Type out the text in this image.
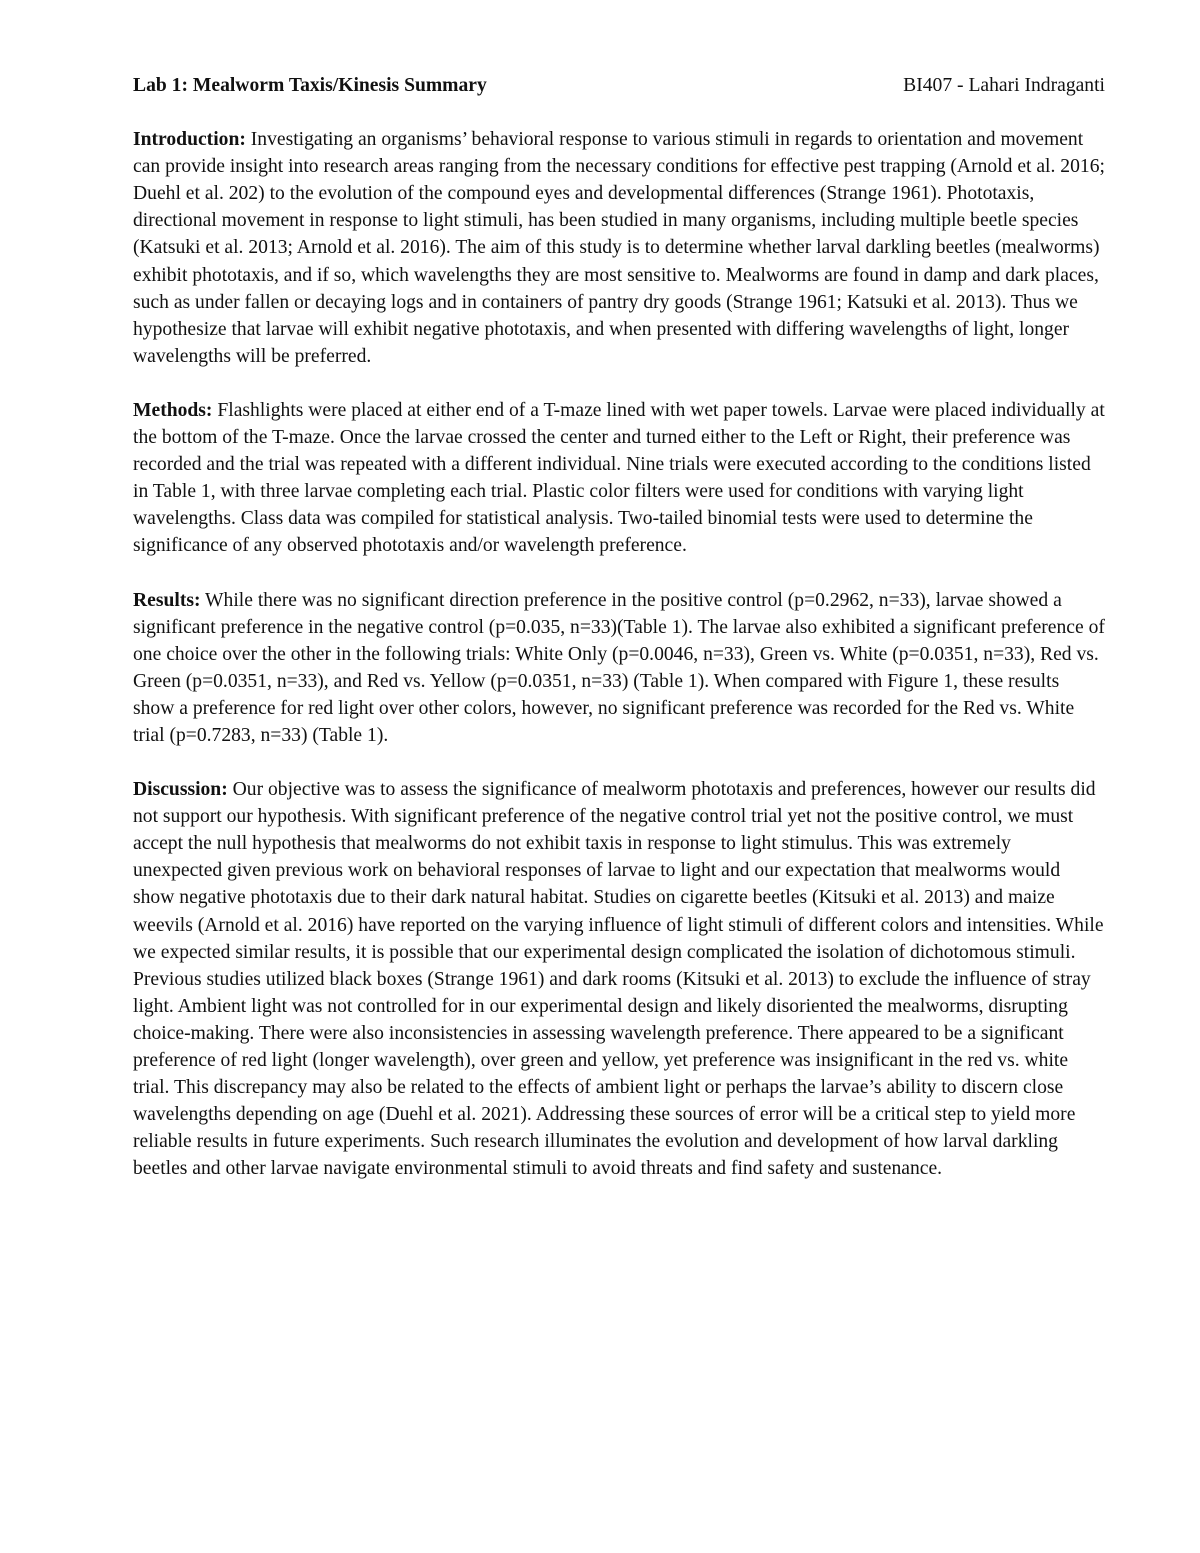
Lab 1: Mealworm Taxis/Kinesis Summary	BI407 - Lahari Indraganti

Introduction: Investigating an organisms’ behavioral response to various stimuli in regards to orientation and movement can provide insight into research areas ranging from the necessary conditions for effective pest trapping (Arnold et al. 2016; Duehl et al. 202) to the evolution of the compound eyes and developmental differences (Strange 1961). Phototaxis, directional movement in response to light stimuli, has been studied in many organisms, including multiple beetle species (Katsuki et al. 2013; Arnold et al. 2016). The aim of this study is to determine whether larval darkling beetles (mealworms) exhibit phototaxis, and if so, which wavelengths they are most sensitive to. Mealworms are found in damp and dark places, such as under fallen or decaying logs and in containers of pantry dry goods (Strange 1961; Katsuki et al. 2013). Thus we hypothesize that larvae will exhibit negative phototaxis, and when presented with differing wavelengths of light, longer wavelengths will be preferred.

Methods: Flashlights were placed at either end of a T-maze lined with wet paper towels. Larvae were placed individually at the bottom of the T-maze. Once the larvae crossed the center and turned either to the Left or Right, their preference was recorded and the trial was repeated with a different individual. Nine trials were executed according to the conditions listed in Table 1, with three larvae completing each trial. Plastic color filters were used for conditions with varying light wavelengths. Class data was compiled for statistical analysis. Two-tailed binomial tests were used to determine the significance of any observed phototaxis and/or wavelength preference.

Results: While there was no significant direction preference in the positive control (p=0.2962, n=33), larvae showed a significant preference in the negative control (p=0.035, n=33)(Table 1). The larvae also exhibited a significant preference of one choice over the other in the following trials: White Only (p=0.0046, n=33), Green vs. White (p=0.0351, n=33), Red vs. Green (p=0.0351, n=33), and Red vs. Yellow (p=0.0351, n=33) (Table 1). When compared with Figure 1, these results show a preference for red light over other colors, however, no significant preference was recorded for the Red vs. White trial (p=0.7283, n=33) (Table 1).

Discussion: Our objective was to assess the significance of mealworm phototaxis and preferences, however our results did not support our hypothesis. With significant preference of the negative control trial yet not the positive control, we must accept the null hypothesis that mealworms do not exhibit taxis in response to light stimulus. This was extremely unexpected given previous work on behavioral responses of larvae to light and our expectation that mealworms would show negative phototaxis due to their dark natural habitat. Studies on cigarette beetles (Kitsuki et al. 2013) and maize weevils (Arnold et al. 2016) have reported on the varying influence of light stimuli of different colors and intensities. While we expected similar results, it is possible that our experimental design complicated the isolation of dichotomous stimuli. Previous studies utilized black boxes (Strange 1961) and dark rooms (Kitsuki et al. 2013) to exclude the influence of stray light. Ambient light was not controlled for in our experimental design and likely disoriented the mealworms, disrupting choice-making. There were also inconsistencies in assessing wavelength preference. There appeared to be a significant preference of red light (longer wavelength), over green and yellow, yet preference was insignificant in the red vs. white trial. This discrepancy may also be related to the effects of ambient light or perhaps the larvae’s ability to discern close wavelengths depending on age (Duehl et al. 2021). Addressing these sources of error will be a critical step to yield more reliable results in future experiments. Such research illuminates the evolution and development of how larval darkling beetles and other larvae navigate environmental stimuli to avoid threats and find safety and sustenance.
